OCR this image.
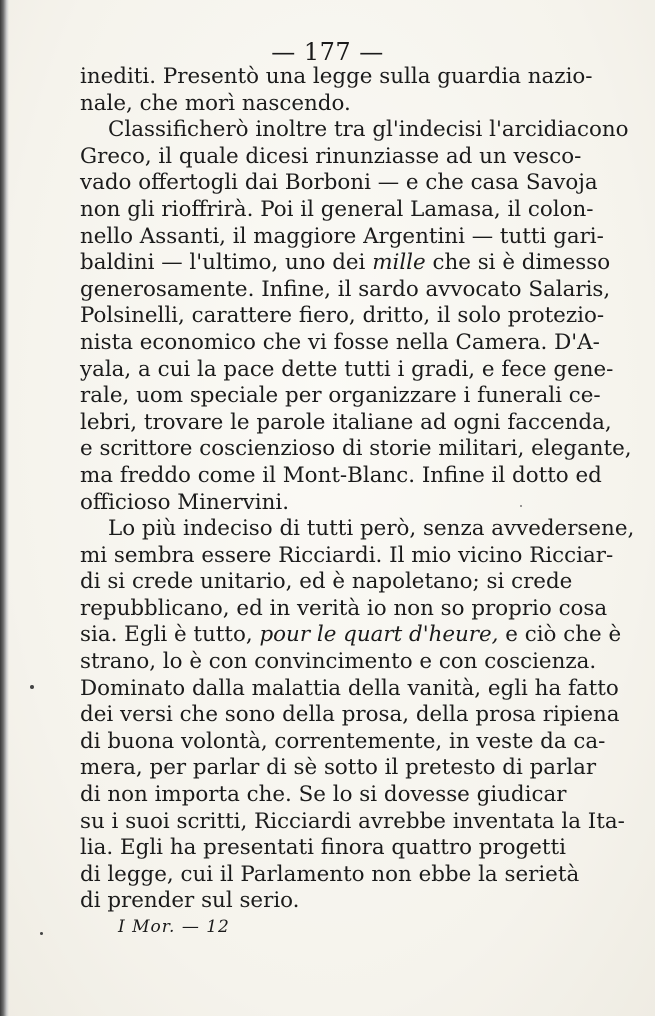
— 177 —
inediti. Presentò una legge sulla guardia nazio-
nale, che morì nascendo.
Classificherò inoltre tra gl'indecisi l'arcidiacono
Greco, il quale dicesi rinunziasse ad un vesco-
vado offertogli dai Borboni — e che casa Savoja
non gli rioffrirà. Poi il general Lamasa, il colon-
nello Assanti, il maggiore Argentini — tutti gari-
baldini — l'ultimo, uno dei mille che si è dimesso
generosamente. Infine, il sardo avvocato Salaris,
Polsinelli, carattere fiero, dritto, il solo protezio-
nista economico che vi fosse nella Camera. D'A-
yala, a cui la pace dette tutti i gradi, e fece gene-
rale, uom speciale per organizzare i funerali ce-
lebri, trovare le parole italiane ad ogni faccenda,
e scrittore coscienzioso di storie militari, elegante,
ma freddo come il Mont-Blanc. Infine il dotto ed
officioso Minervini.
Lo più indeciso di tutti però, senza avvedersene,
mi sembra essere Ricciardi. Il mio vicino Ricciar-
di si crede unitario, ed è napoletano; si crede
repubblicano, ed in verità io non so proprio cosa
sia. Egli è tutto, pour le quart d'heure, e ciò che è
strano, lo è con convincimento e con coscienza.
Dominato dalla malattia della vanità, egli ha fatto
dei versi che sono della prosa, della prosa ripiena
di buona volontà, correntemente, in veste da ca-
mera, per parlar di sè sotto il pretesto di parlar
di non importa che. Se lo si dovesse giudicar
su i suoi scritti, Ricciardi avrebbe inventata la Ita-
lia. Egli ha presentati finora quattro progetti
di legge, cui il Parlamento non ebbe la serietà
di prender sul serio.
I Mor. — 12
